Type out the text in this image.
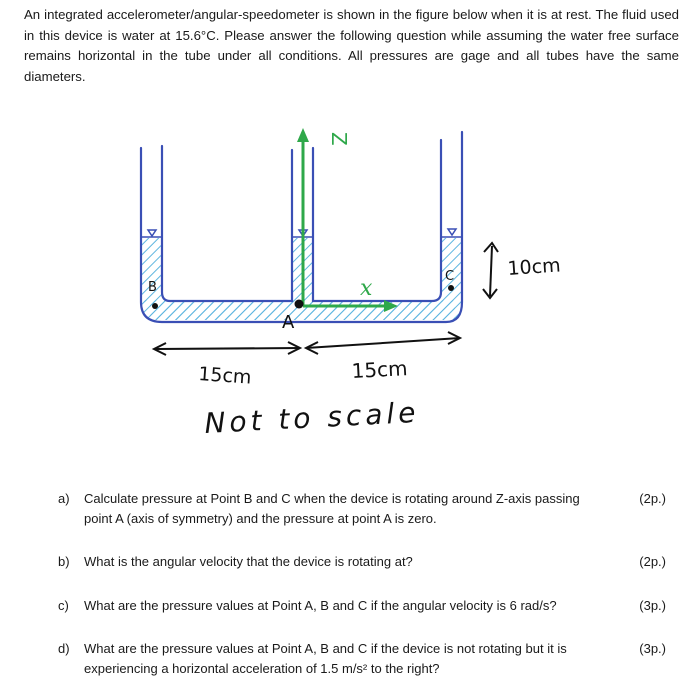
An integrated accelerometer/angular-speedometer is shown in the figure below when it is at rest. The fluid used in this device is water at 15.6°C. Please answer the following question while assuming the water free surface remains horizontal in the tube under all conditions. All pressures are gage and all tubes have the same diameters.

Z
x
A
B
C	10cm
15cm	15cm
Not to scale
a)	Calculate pressure at Point B and C when the device is rotating around Z-axis passing point A (axis of symmetry) and the pressure at point A is zero.
(2p.)
b)	What is the angular velocity that the device is rotating at?	(2p.)
c)	What are the pressure values at Point A, B and C if the angular velocity is 6 rad/s?	(3p.)
d)	What are the pressure values at Point A, B and C if the device is not rotating but it is experiencing a horizontal acceleration of 1.5 m/s² to the right?
(3p.)
